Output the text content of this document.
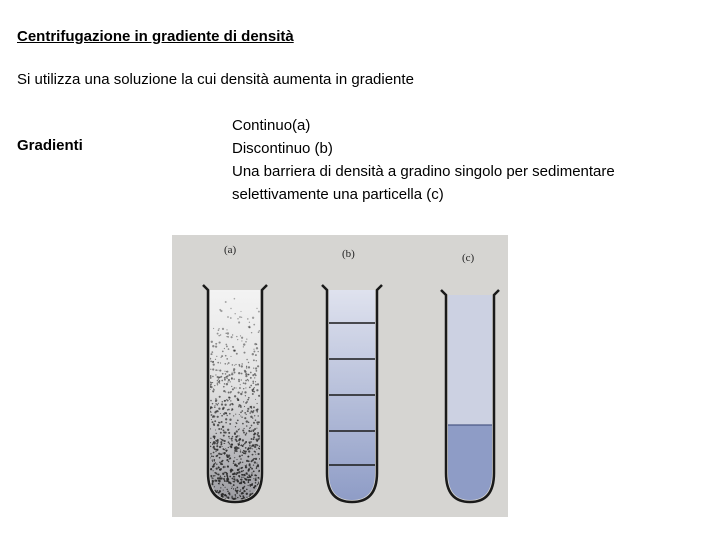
Centrifugazione in gradiente di densità
Si utilizza una soluzione la cui densità aumenta in gradiente
Gradienti
Continuo(a)
Discontinuo (b)
Una barriera di densità a gradino singolo per sedimentare
selettivamente una particella (c)
(a)	(b)	(c)
